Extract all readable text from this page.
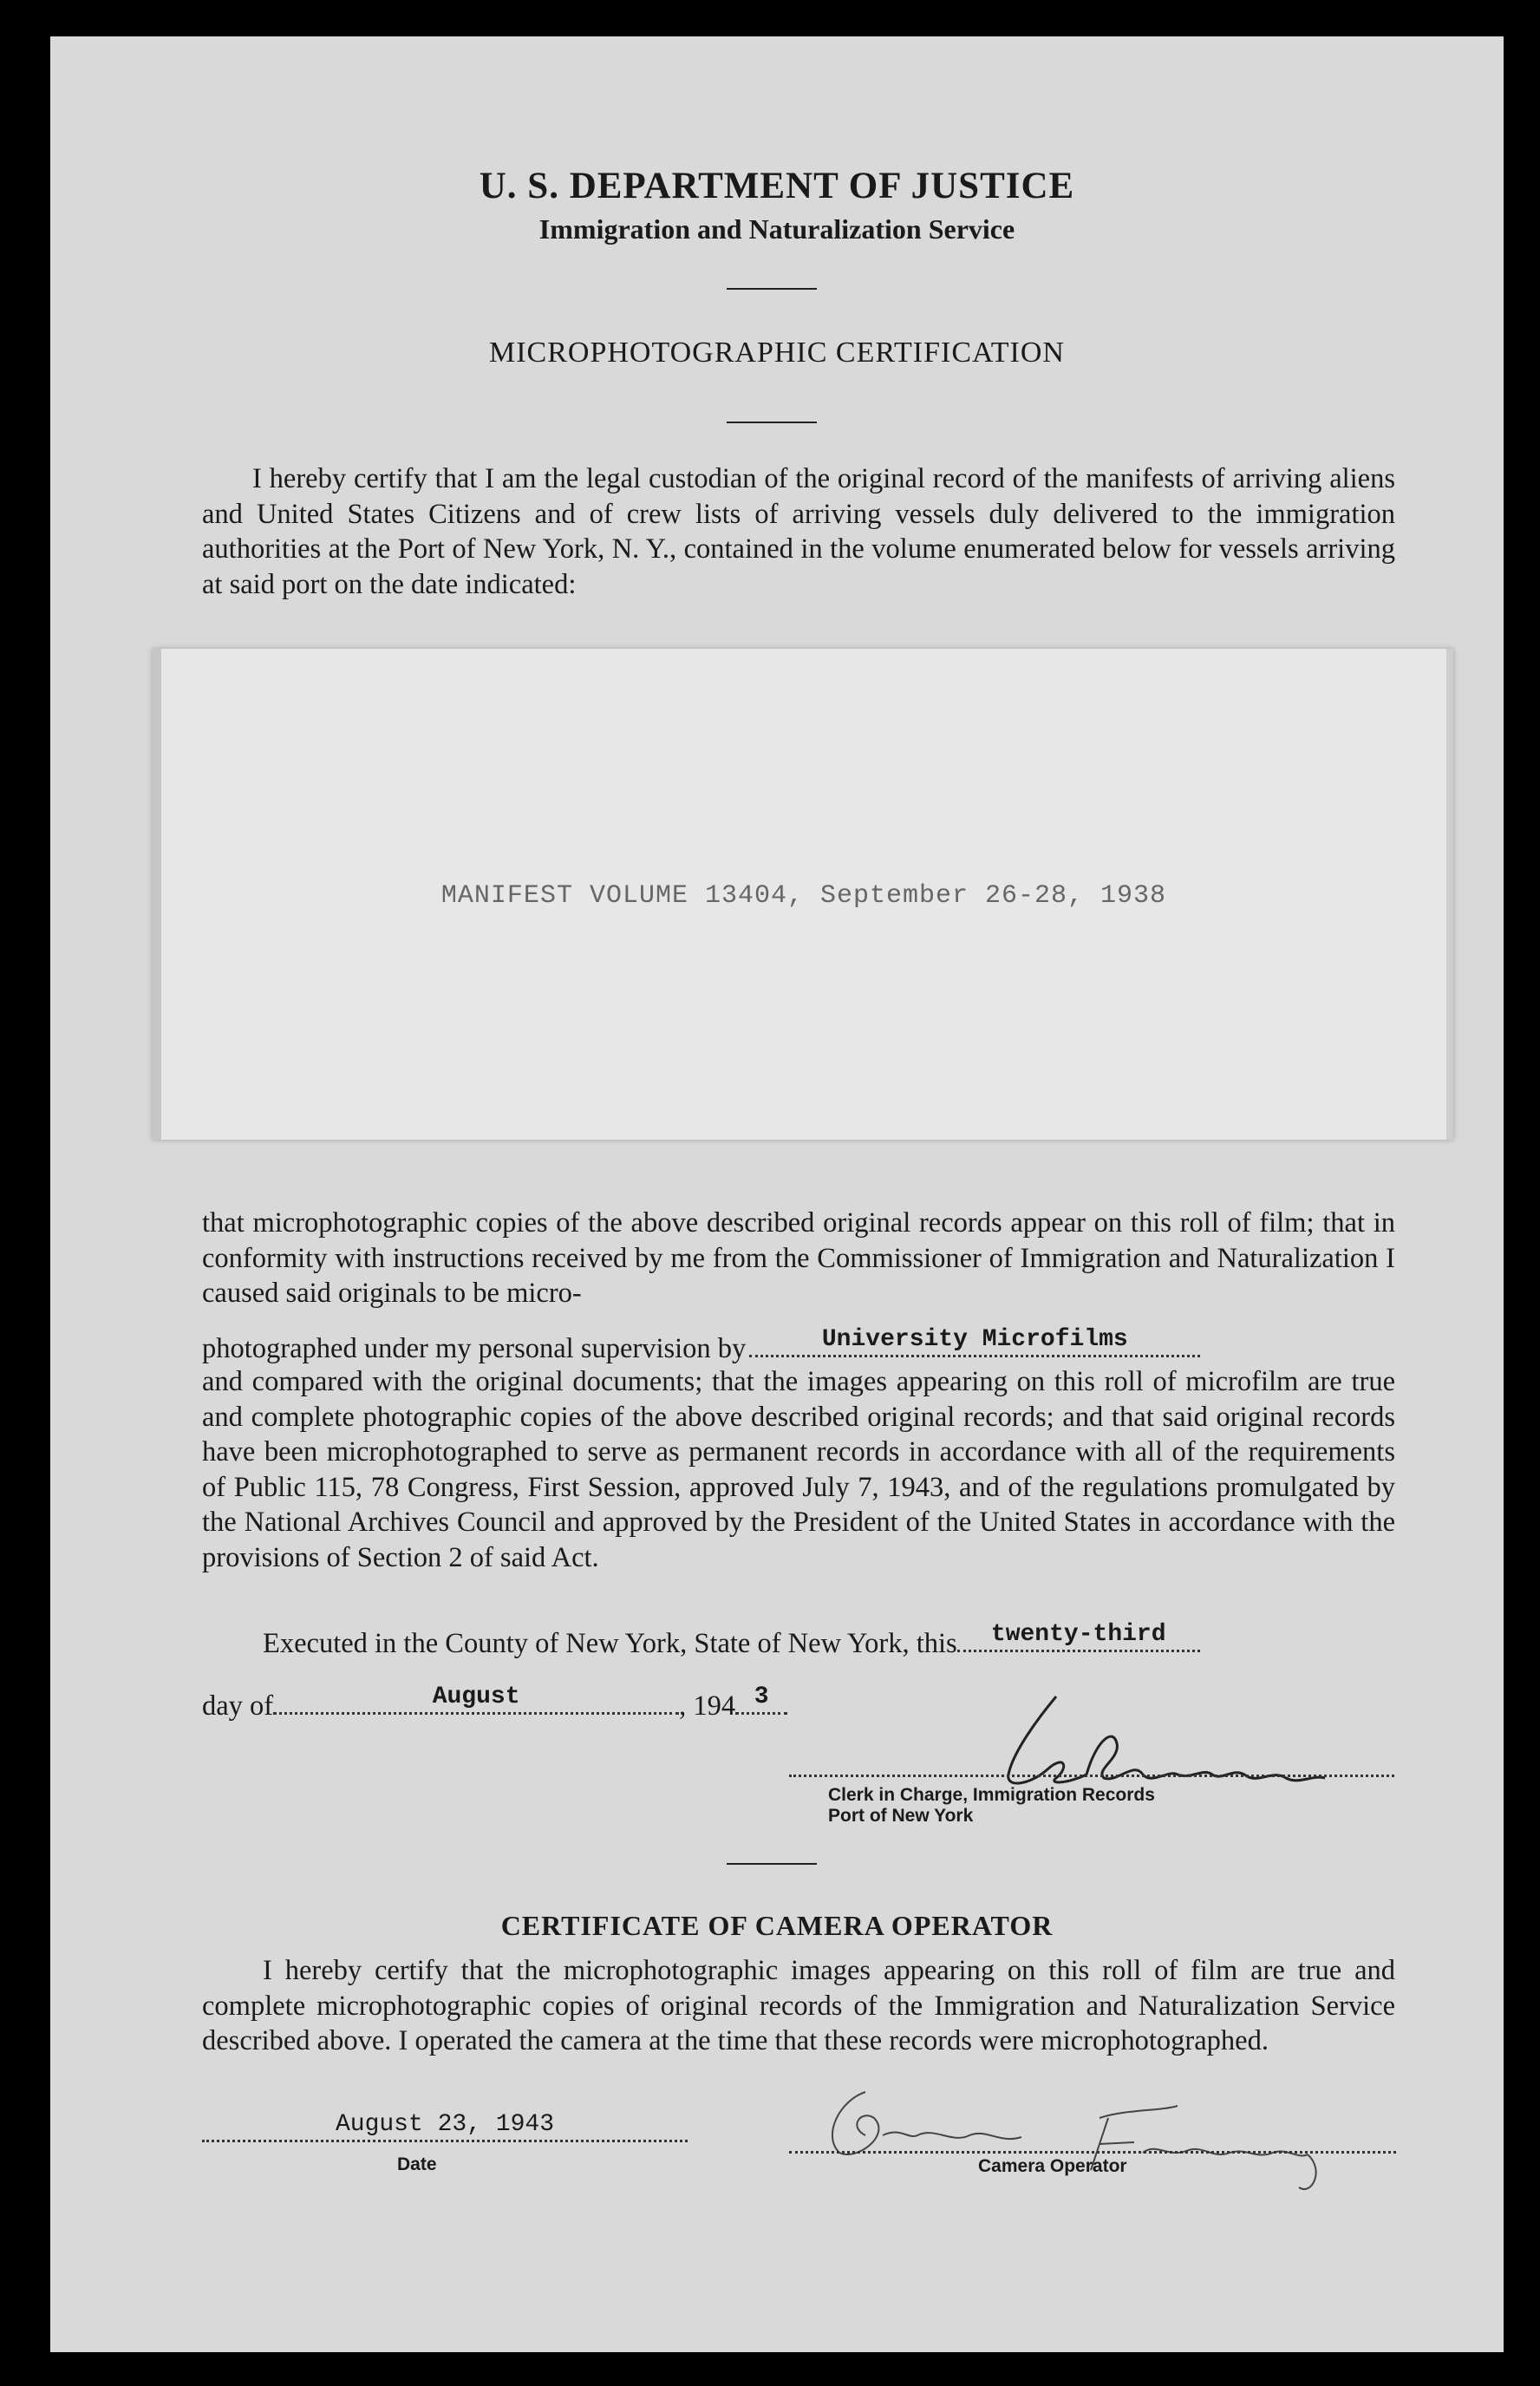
U. S. DEPARTMENT OF JUSTICE
Immigration and Naturalization Service
MICROPHOTOGRAPHIC CERTIFICATION
I hereby certify that I am the legal custodian of the original record of the manifests of arriving aliens and United States Citizens and of crew lists of arriving vessels duly delivered to the immigration authorities at the Port of New York, N. Y., contained in the volume enumerated below for vessels arriving at said port on the date indicated:
MANIFEST VOLUME 13404, September 26-28, 1938
that microphotographic copies of the above described original records appear on this roll of film; that in conformity with instructions received by me from the Commissioner of Immigration and Naturalization I caused said originals to be micro-
photographed under my personal supervision by	University Microfilms
and compared with the original documents; that the images appearing on this roll of microfilm are true and complete photographic copies of the above described original records; and that said original records have been microphotographed to serve as permanent records in accordance with all of the requirements of Public 115, 78 Congress, First Session, approved July 7, 1943, and of the regulations promulgated by the National Archives Council and approved by the President of the United States in accordance with the provisions of Section 2 of said Act.
Executed in the County of New York, State of New York, this	twenty-third
day of	August	, 194 3
Clerk in Charge, Immigration Records
Port of New York
CERTIFICATE OF CAMERA OPERATOR
I hereby certify that the microphotographic images appearing on this roll of film are true and complete microphotographic copies of original records of the Immigration and Naturalization Service described above. I operated the camera at the time that these records were microphotographed.
August 23, 1943
Date	Camera Operator
